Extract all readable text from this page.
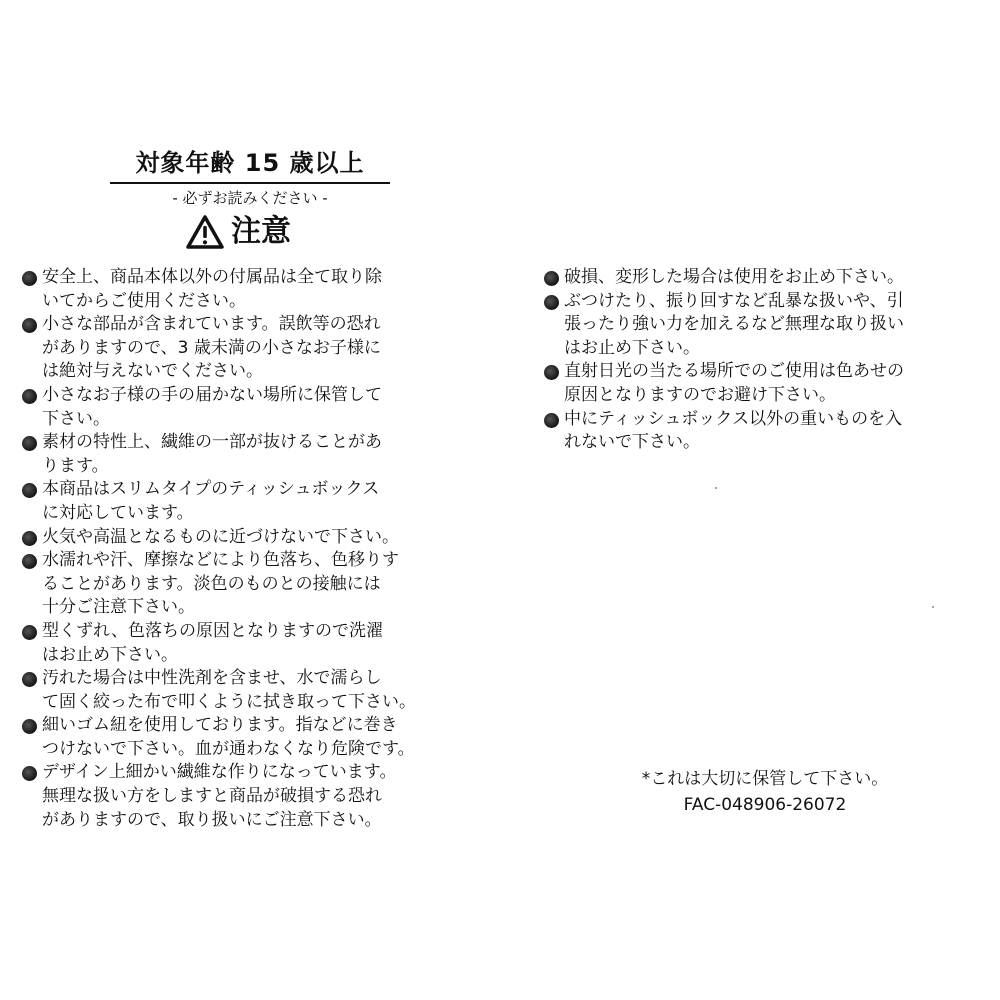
対象年齢 15 歳以上
- 必ずお読みください -
注意
安全上、商品本体以外の付属品は全て取り除
いてからご使用ください。
小さな部品が含まれています。誤飲等の恐れ
がありますので、3 歳未満の小さなお子様に
は絶対与えないでください。
小さなお子様の手の届かない場所に保管して
下さい。
素材の特性上、繊維の一部が抜けることがあ
ります。
本商品はスリムタイプのティッシュボックス
に対応しています。
火気や高温となるものに近づけないで下さい。
水濡れや汗、摩擦などにより色落ち、色移りす
ることがあります。淡色のものとの接触には
十分ご注意下さい。
型くずれ、色落ちの原因となりますので洗濯
はお止め下さい。
汚れた場合は中性洗剤を含ませ、水で濡らし
て固く絞った布で叩くように拭き取って下さい。
細いゴム紐を使用しております。指などに巻き
つけないで下さい。血が通わなくなり危険です。
デザイン上細かい繊維な作りになっています。
無理な扱い方をしますと商品が破損する恐れ
がありますので、取り扱いにご注意下さい。
破損、変形した場合は使用をお止め下さい。
ぶつけたり、振り回すなど乱暴な扱いや、引
張ったり強い力を加えるなど無理な取り扱い
はお止め下さい。
直射日光の当たる場所でのご使用は色あせの
原因となりますのでお避け下さい。
中にティッシュボックス以外の重いものを入
れないで下さい。
*これは大切に保管して下さい。
FAC-048906-26072
